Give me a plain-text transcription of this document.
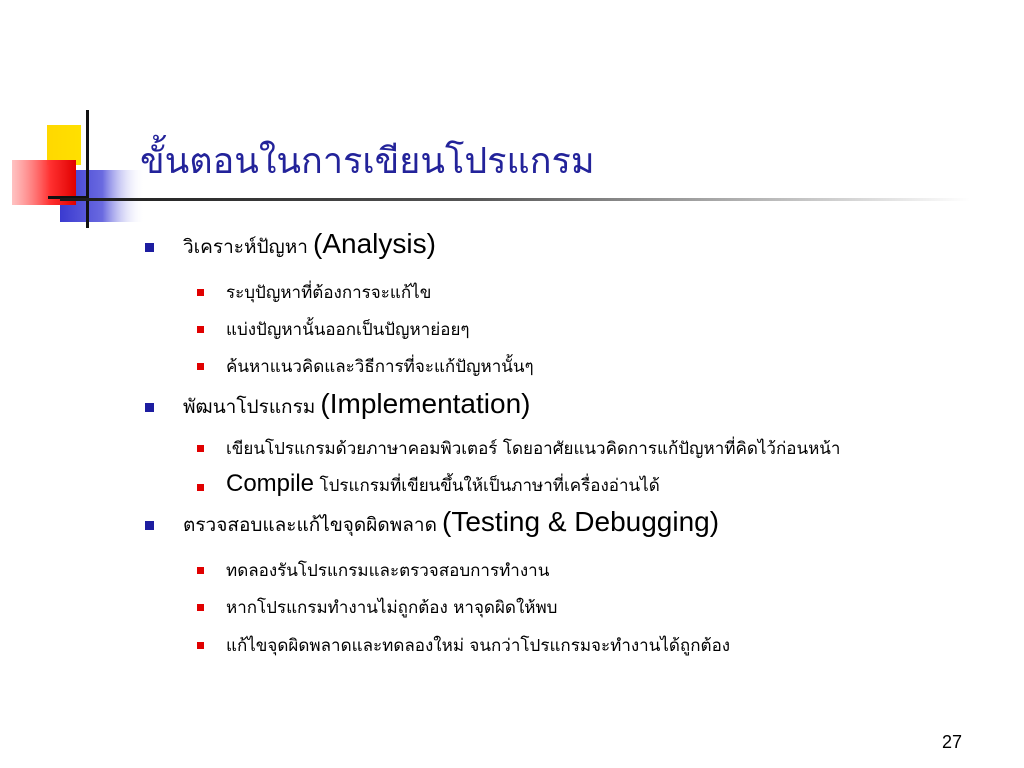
ขั้นตอนในการเขียนโปรแกรม
วิเคราะห์ปัญหา (Analysis)
ระบุปัญหาที่ต้องการจะแก้ไข
แบ่งปัญหานั้นออกเป็นปัญหาย่อยๆ
ค้นหาแนวคิดและวิธีการที่จะแก้ปัญหานั้นๆ
พัฒนาโปรแกรม (Implementation)
เขียนโปรแกรมด้วยภาษาคอมพิวเตอร์ โดยอาศัยแนวคิดการแก้ปัญหาที่คิดไว้ก่อนหน้า
Compile โปรแกรมที่เขียนขึ้นให้เป็นภาษาที่เครื่องอ่านได้
ตรวจสอบและแก้ไขจุดผิดพลาด (Testing & Debugging)
ทดลองรันโปรแกรมและตรวจสอบการทำงาน
หากโปรแกรมทำงานไม่ถูกต้อง หาจุดผิดให้พบ
แก้ไขจุดผิดพลาดและทดลองใหม่ จนกว่าโปรแกรมจะทำงานได้ถูกต้อง
27
